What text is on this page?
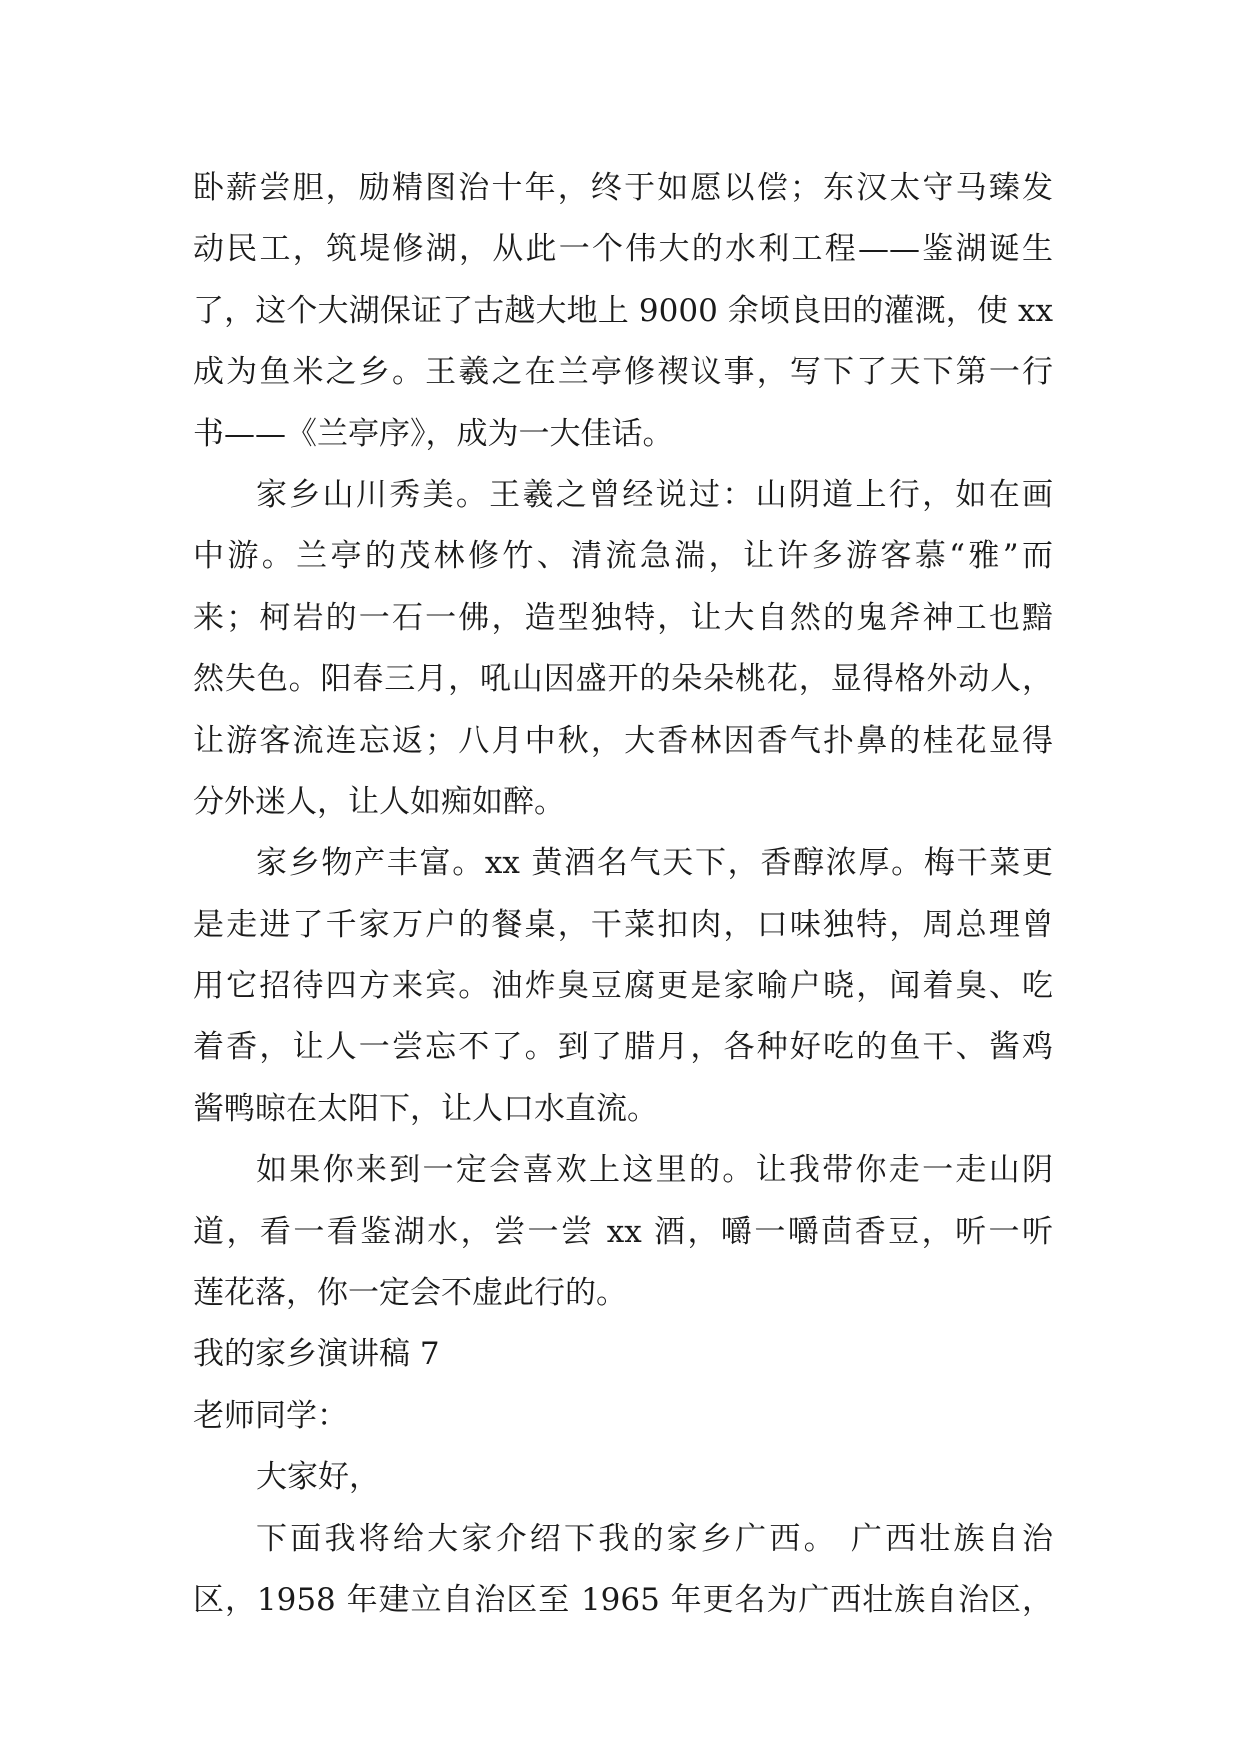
卧薪尝胆，励精图治十年，终于如愿以偿；东汉太守马臻发
动民工，筑堤修湖，从此一个伟大的水利工程——鉴湖诞生
了，这个大湖保证了古越大地上 9000 余顷良田的灌溉，使 xx
成为鱼米之乡。王羲之在兰亭修禊议事，写下了天下第一行
书——《兰亭序》，成为一大佳话。
家乡山川秀美。王羲之曾经说过：山阴道上行，如在画
中游。兰亭的茂林修竹、清流急湍，让许多游客慕“雅”而
来；柯岩的一石一佛，造型独特，让大自然的鬼斧神工也黯
然失色。阳春三月，吼山因盛开的朵朵桃花，显得格外动人，
让游客流连忘返；八月中秋，大香林因香气扑鼻的桂花显得
分外迷人，让人如痴如醉。
家乡物产丰富。xx 黄酒名气天下，香醇浓厚。梅干菜更
是走进了千家万户的餐桌，干菜扣肉，口味独特，周总理曾
用它招待四方来宾。油炸臭豆腐更是家喻户晓，闻着臭、吃
着香，让人一尝忘不了。到了腊月，各种好吃的鱼干、酱鸡
酱鸭晾在太阳下，让人口水直流。
如果你来到一定会喜欢上这里的。让我带你走一走山阴
道，看一看鉴湖水，尝一尝 xx 酒，嚼一嚼茴香豆，听一听
莲花落，你一定会不虚此行的。
我的家乡演讲稿 7
老师同学：
大家好，
下面我将给大家介绍下我的家乡广西。 广西壮族自治
区，1958 年建立自治区至 1965 年更名为广西壮族自治区，
